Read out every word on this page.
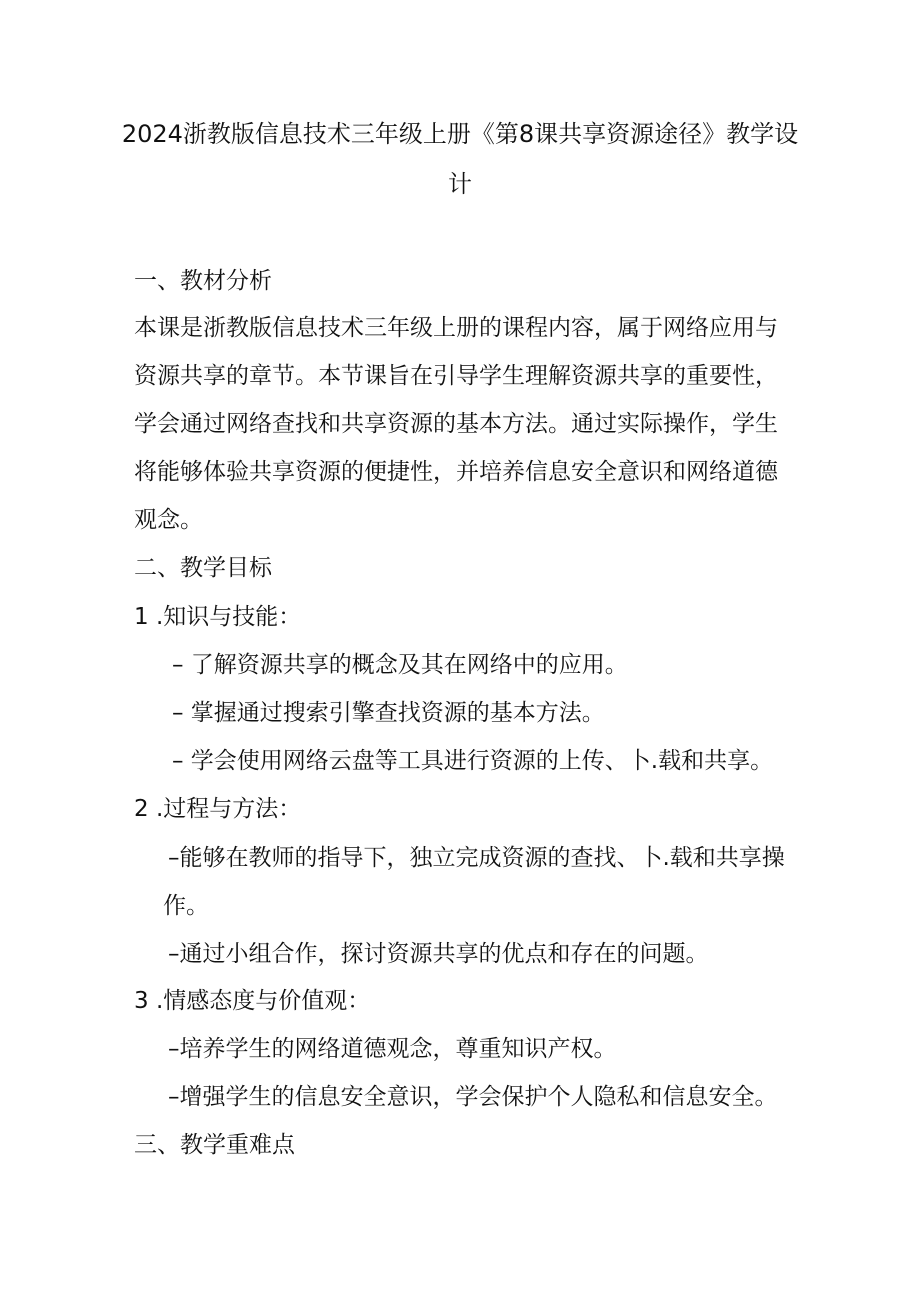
2024浙教版信息技术三年级上册《第8课共享资源途径》教学设
计
一、教材分析
本课是浙教版信息技术三年级上册的课程内容，属于网络应用与
资源共享的章节。本节课旨在引导学生理解资源共享的重要性，
学会通过网络查找和共享资源的基本方法。通过实际操作，学生
将能够体验共享资源的便捷性，并培养信息安全意识和网络道德
观念。
二、教学目标
1 .知识与技能：
– 了解资源共享的概念及其在网络中的应用。
– 掌握通过搜索引擎查找资源的基本方法。
– 学会使用网络云盘等工具进行资源的上传、卜.载和共享。
2 .过程与方法：
–能够在教师的指导下，独立完成资源的查找、卜.载和共享操
作。
–通过小组合作，探讨资源共享的优点和存在的问题。
3 .情感态度与价值观：
–培养学生的网络道德观念，尊重知识产权。
–增强学生的信息安全意识，学会保护个人隐私和信息安全。
三、教学重难点
